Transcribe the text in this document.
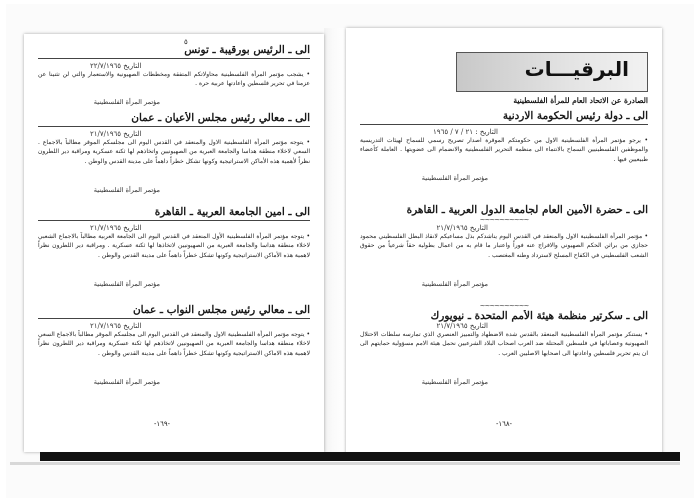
٥
الى ـ الرئيس بورقيبة ـ تونس
التاريخ ٢٢/٧/١٩٦٥
• يشجب مؤتمر المرأة الفلسطينية محاولاتكم المتفقة ومخططات الصهيونية والاستعمار والتي لن تثنينا عن عزمنا في تحرير فلسطين واعادتها عربية حرة .
مؤتمر المرأة الفلسطينية
الى ـ معالي رئيس مجلس الأعيان ـ عمان
التاريخ ٢١/٧/١٩٦٥
• يتوجه مؤتمر المرأة الفلسطينية الاول والمنعقد في القدس اليوم الى مجلسكم الموقر مطالباً بالاجماع . السعي لاخلاء منطقة هداسا والجامعة العبرية من الصهيونيين واتخاذهم لها ثكنة عسكرية ومراقبة دير اللطرون نظراً لأهمية هذه الأماكن الاستراتيجية وكونها تشكل خطراً داهماً على مدينة القدس والوطن .
مؤتمر المرأة الفلسطينية
الى ـ امين الجامعة العربية ـ القاهرة
التاريخ ٢١/٧/١٩٦٥
• يتوجه مؤتمر المرأة الفلسطينية الأول المنعقد في القدس اليوم الى الجامعة العربية مطالباً بالاجماع الشعبي لاخلاء منطقة هداسا والجامعة العبرية من الصهيونيين لاتخاذها لها ثكنة عسكرية . ومراقبة دير اللطرون نظراً لاهمية هذه الأماكن الاستراتيجية وكونها تشكل خطراً داهماً على مدينة القدس والوطن .
مؤتمر المرأة الفلسطينية
الى ـ معالي رئيس مجلس النواب ـ عمان
التاريخ ٢١/٧/١٩٦٥
• يتوجه مؤتمر المرأة الفلسطينية الاول والمنعقد في القدس اليوم الى مجلسكم الموقر مطالباً بالاجماع السعي لاخلاء منطقة هداسا والجامعة العبرية من الصهيونيين لاتخاذهم لها ثكنة عسكرية ومراقبة دير اللطرون نظراً لاهمية هذه الاماكن الاستراتيجية وكونها تشكل خطراً داهماً على مدينة القدس والوطن .
مؤتمر المرأة الفلسطينية
-١٦٩-
البرقيـــات
الصادرة عن الاتحاد العام للمرأة الفلسطينية
الى ـ دولة رئيس الحكومة الاردنية
التاريخ : ٢١ / ٧ / ١٩٦٥
• يرجو مؤتمر المرأة الفلسطينية الاول من حكومتكم الموقرة اصدار تصريح رسمي للسماح لهيئات التدريسية والموظفين الفلسطينيين السماح بالانتماء الى منظمة التحرير الفلسطينية والانضمام الى عضويتها . العاملة كأعضاء طبيعيين فيها .
مؤتمر المرأة الفلسطينية
الى ـ حضرة الأمين العام لجامعة الدول العربية ـ القاهرة
~~~~~~~~~~
التاريخ ٢١/٧/١٩٦٥
• مؤتمر المرأة الفلسطينية الاول والمنعقد في القدس اليوم يناشدكم بذل مساعيكم لانقاذ البطل الفلسطيني محمود حجازي من براثن الحكم الصهيوني والافراج عنه فوراً واعتبار ما قام به من اعمال بطولية حقاً شرعياً من حقوق الشعب الفلسطيني في الكفاح المسلح لاسترداد وطنه المغتصب .
مؤتمر المرأة الفلسطينية
~~~~~~~~~~
الى ـ سكرتير منظمة هيئة الأمم المتحدة ـ نيويورك
التاريخ ٢١/٧/١٩٦٥
• يستنكر مؤتمر المرأة الفلسطينية المنعقد بالقدس شدة الاضطهاد والتمييز العنصري الذي تمارسه سلطات الاحتلال الصهيونية وعصاباتها في فلسطين المحتلة ضد العرب اصحاب البلاد الشرعيين نحمل هيئة الامم مسؤولية حمايتهم الى ان يتم تحرير فلسطين واعادتها الى اصحابها الاصليين العرب .
مؤتمر المرأة الفلسطينية
-١٦٨-
